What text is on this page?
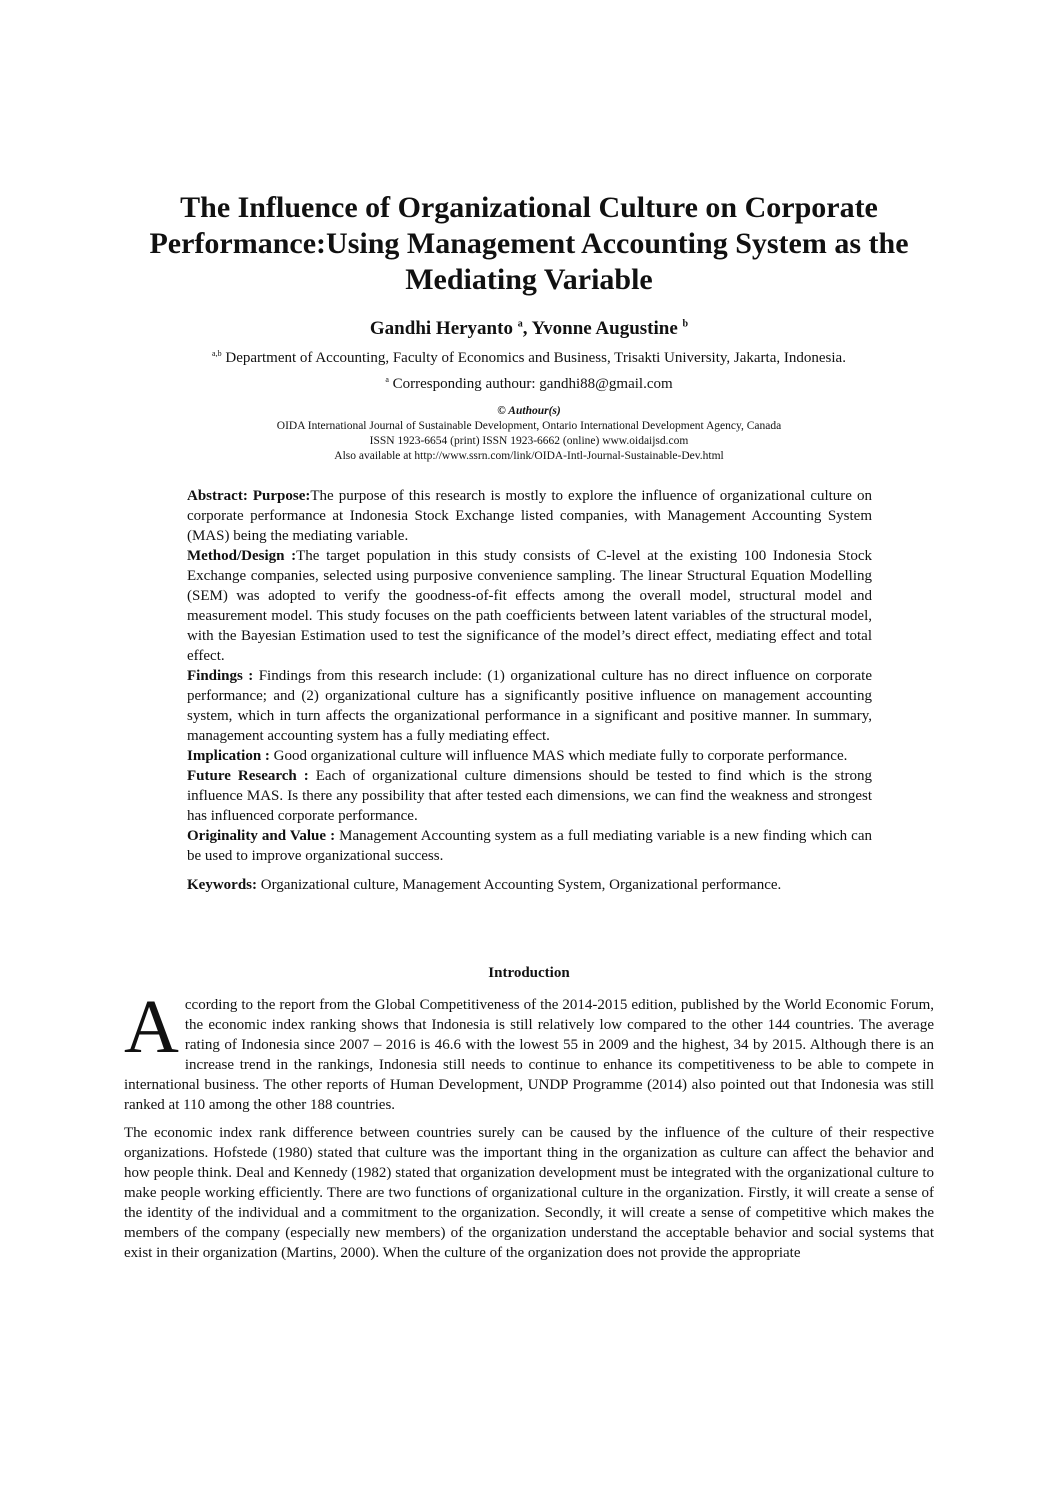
The Influence of Organizational Culture on Corporate
Performance:Using Management Accounting System as the
Mediating Variable
Gandhi Heryanto $^a$, Yvonne Augustine $^b$
$^{a,b}$ Department of Accounting, Faculty of Economics and Business, Trisakti University, Jakarta, Indonesia.
$^a$ Corresponding authour: gandhi88@gmail.com
© Authour(s)
OIDA International Journal of Sustainable Development, Ontario International Development Agency, Canada
ISSN 1923-6654 (print) ISSN 1923-6662 (online) www.oidaijsd.com
Also available at http://www.ssrn.com/link/OIDA-Intl-Journal-Sustainable-Dev.html

Abstract: Purpose:The purpose of this research is mostly to explore the influence of organizational culture on corporate performance at Indonesia Stock Exchange listed companies, with Management Accounting System (MAS) being the mediating variable.

Method/Design :The target population in this study consists of C-level at the existing 100 Indonesia Stock Exchange companies, selected using purposive convenience sampling. The linear Structural Equation Modelling (SEM) was adopted to verify the goodness-of-fit effects among the overall model, structural model and measurement model. This study focuses on the path coefficients between latent variables of the structural model, with the Bayesian Estimation used to test the significance of the model’s direct effect, mediating effect and total effect.

Findings : Findings from this research include: (1) organizational culture has no direct influence on corporate performance; and (2) organizational culture has a significantly positive influence on management accounting system, which in turn affects the organizational performance in a significant and positive manner. In summary, management accounting system has a fully mediating effect.

Implication : Good organizational culture will influence MAS which mediate fully to corporate performance.

Future Research : Each of organizational culture dimensions should be tested to find which is the strong influence MAS. Is there any possibility that after tested each dimensions, we can find the weakness and strongest has influenced corporate performance.

Originality and Value : Management Accounting system as a full mediating variable is a new finding which can be used to improve organizational success.

Keywords: Organizational culture, Management Accounting System, Organizational performance.

Introduction

According to the report from the Global Competitiveness of the 2014-2015 edition, published by the World Economic Forum, the economic index ranking shows that Indonesia is still relatively low compared to the other 144 countries. The average rating of Indonesia since 2007 – 2016 is 46.6 with the lowest 55 in 2009 and the highest, 34 by 2015. Although there is an increase trend in the rankings, Indonesia still needs to continue to enhance its competitiveness to be able to compete in international business. The other reports of Human Development, UNDP Programme (2014) also pointed out that Indonesia was still ranked at 110 among the other 188 countries.

The economic index rank difference between countries surely can be caused by the influence of the culture of their respective organizations. Hofstede (1980) stated that culture was the important thing in the organization as culture can affect the behavior and how people think. Deal and Kennedy (1982) stated that organization development must be integrated with the organizational culture to make people working efficiently. There are two functions of organizational culture in the organization. Firstly, it will create a sense of the identity of the individual and a commitment to the organization. Secondly, it will create a sense of competitive which makes the members of the company (especially new members) of the organization understand the acceptable behavior and social systems that exist in their organization (Martins, 2000). When the culture of the organization does not provide the appropriate
